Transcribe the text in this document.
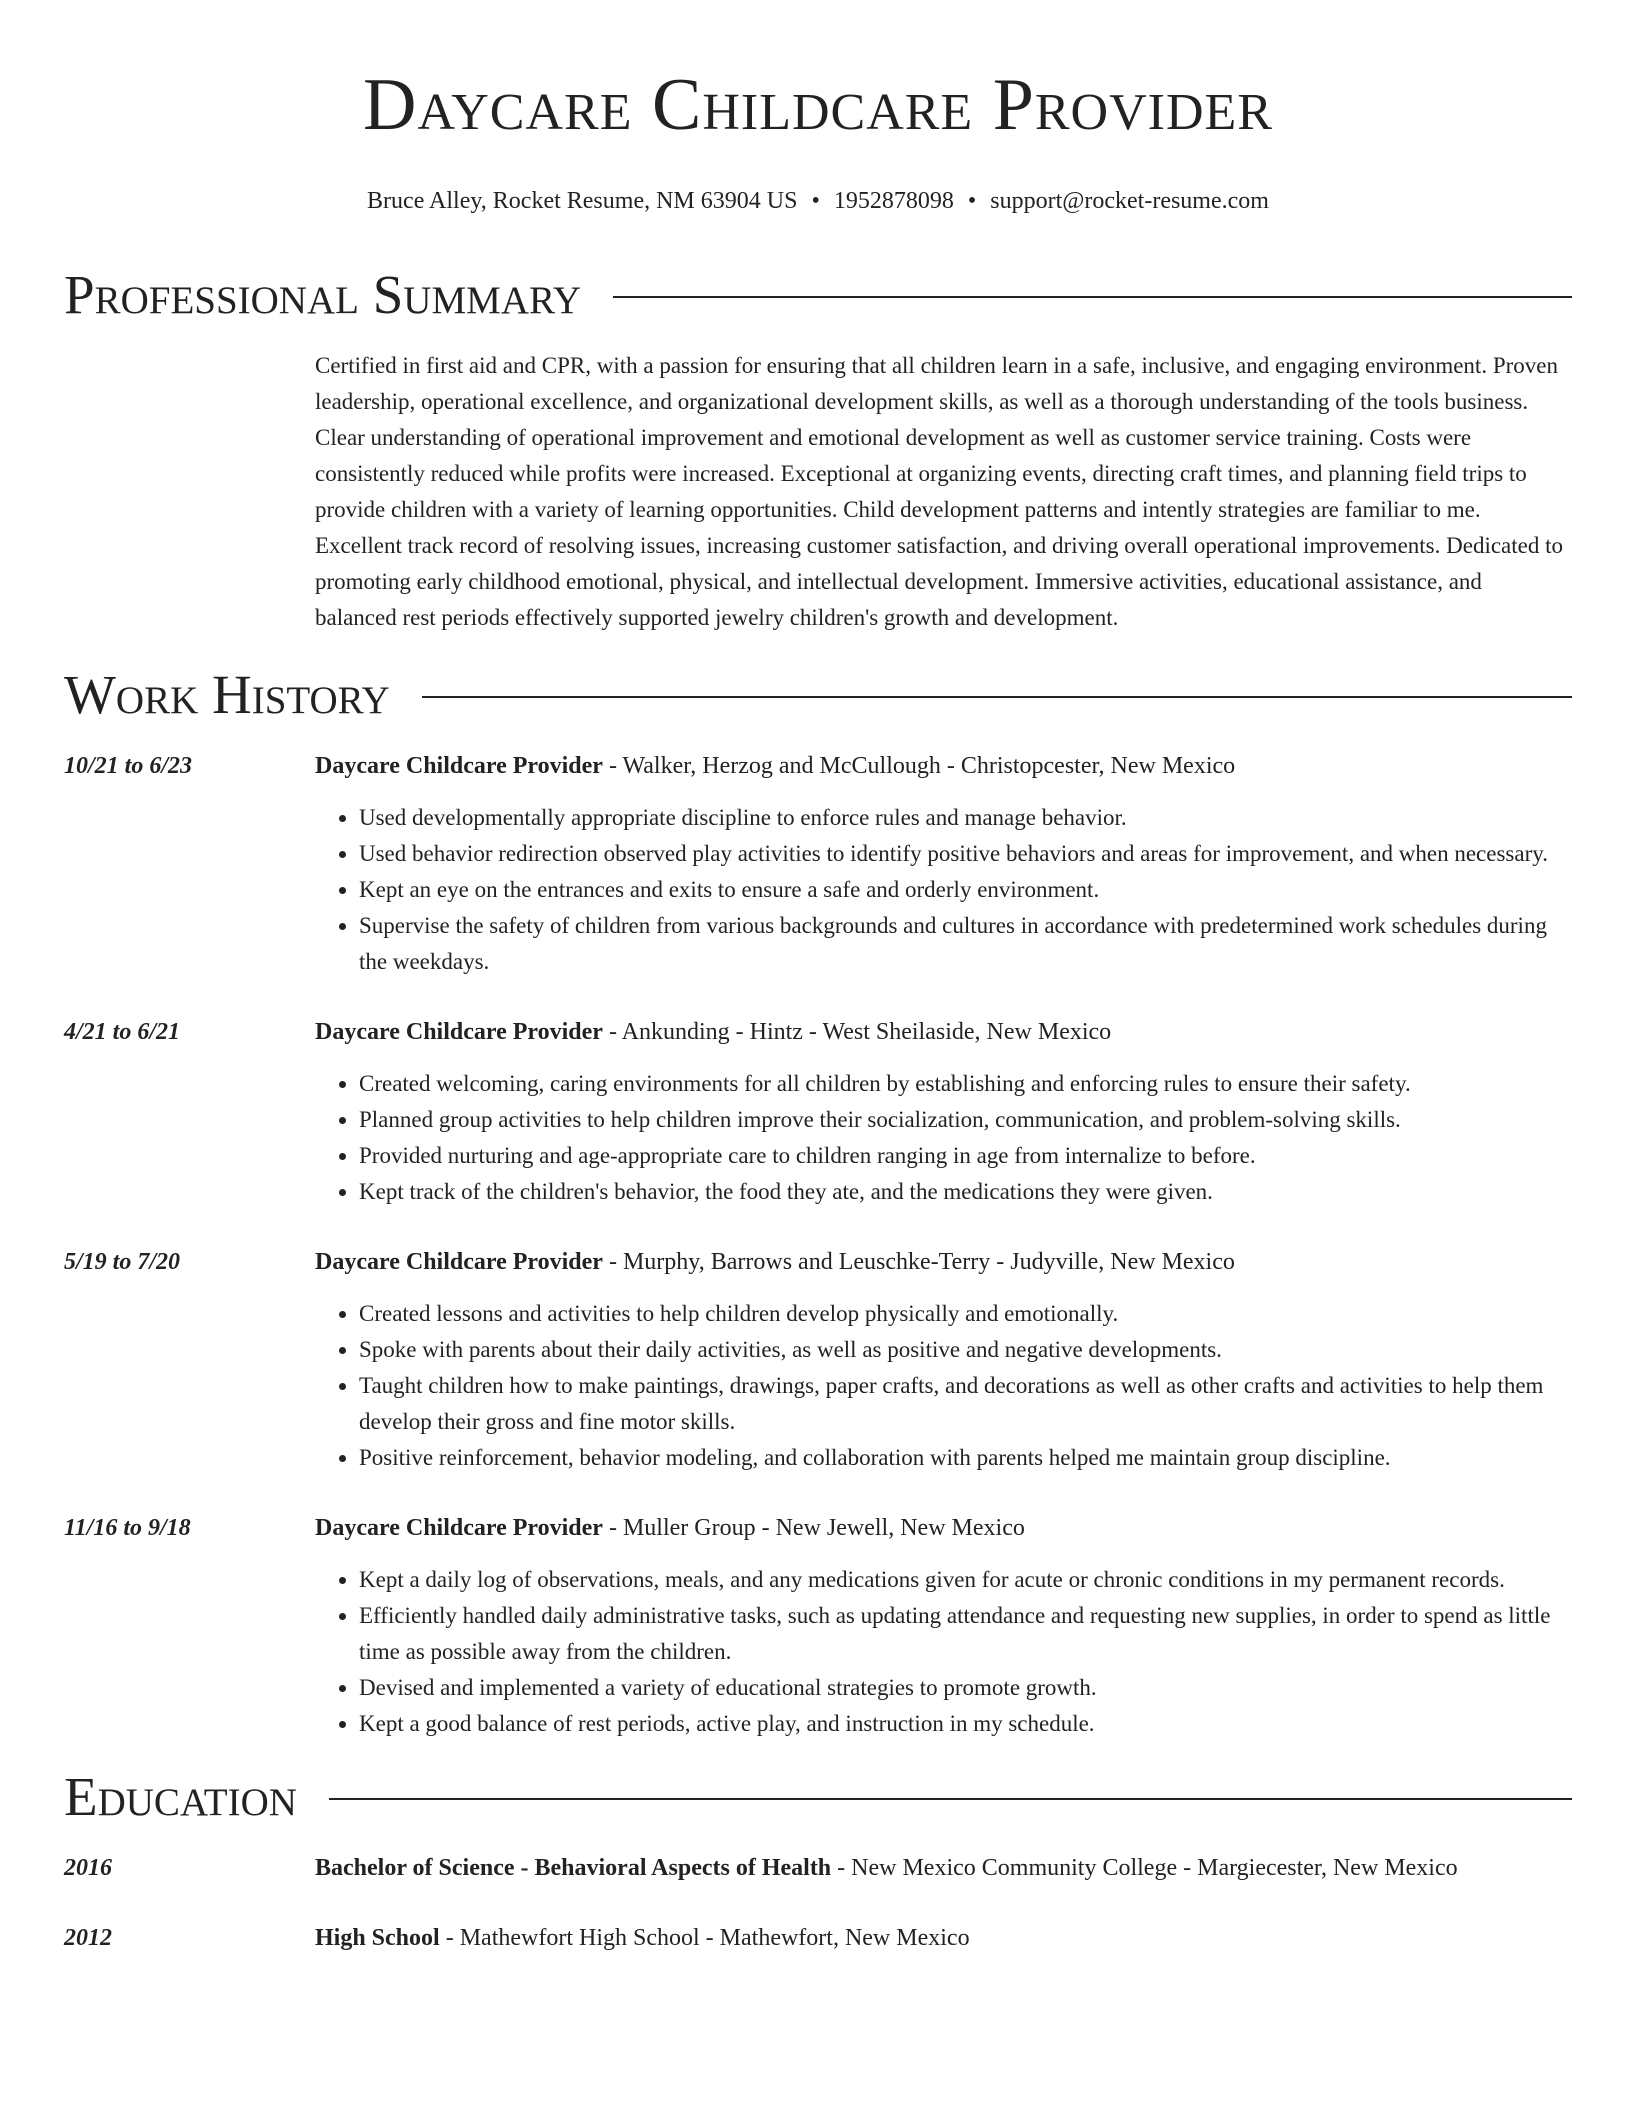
Daycare Childcare Provider
Bruce Alley, Rocket Resume, NM 63904 US • 1952878098 • support@rocket-resume.com
Professional Summary
Certified in first aid and CPR, with a passion for ensuring that all children learn in a safe, inclusive, and engaging environment. Proven leadership, operational excellence, and organizational development skills, as well as a thorough understanding of the tools business. Clear understanding of operational improvement and emotional development as well as customer service training. Costs were consistently reduced while profits were increased. Exceptional at organizing events, directing craft times, and planning field trips to provide children with a variety of learning opportunities. Child development patterns and intently strategies are familiar to me. Excellent track record of resolving issues, increasing customer satisfaction, and driving overall operational improvements. Dedicated to promoting early childhood emotional, physical, and intellectual development. Immersive activities, educational assistance, and balanced rest periods effectively supported jewelry children's growth and development.
Work History
10/21 to 6/23	Daycare Childcare Provider - Walker, Herzog and McCullough - Christopcester, New Mexico
• Used developmentally appropriate discipline to enforce rules and manage behavior.
• Used behavior redirection observed play activities to identify positive behaviors and areas for improvement, and when necessary.
• Kept an eye on the entrances and exits to ensure a safe and orderly environment.
• Supervise the safety of children from various backgrounds and cultures in accordance with predetermined work schedules during the weekdays.
4/21 to 6/21	Daycare Childcare Provider - Ankunding - Hintz - West Sheilaside, New Mexico
• Created welcoming, caring environments for all children by establishing and enforcing rules to ensure their safety.
• Planned group activities to help children improve their socialization, communication, and problem-solving skills.
• Provided nurturing and age-appropriate care to children ranging in age from internalize to before.
• Kept track of the children's behavior, the food they ate, and the medications they were given.
5/19 to 7/20	Daycare Childcare Provider - Murphy, Barrows and Leuschke-Terry - Judyville, New Mexico
• Created lessons and activities to help children develop physically and emotionally.
• Spoke with parents about their daily activities, as well as positive and negative developments.
• Taught children how to make paintings, drawings, paper crafts, and decorations as well as other crafts and activities to help them develop their gross and fine motor skills.
• Positive reinforcement, behavior modeling, and collaboration with parents helped me maintain group discipline.
11/16 to 9/18	Daycare Childcare Provider - Muller Group - New Jewell, New Mexico
• Kept a daily log of observations, meals, and any medications given for acute or chronic conditions in my permanent records.
• Efficiently handled daily administrative tasks, such as updating attendance and requesting new supplies, in order to spend as little time as possible away from the children.
• Devised and implemented a variety of educational strategies to promote growth.
• Kept a good balance of rest periods, active play, and instruction in my schedule.
Education
2016	Bachelor of Science - Behavioral Aspects of Health - New Mexico Community College - Margiecester, New Mexico
2012	High School - Mathewfort High School - Mathewfort, New Mexico
